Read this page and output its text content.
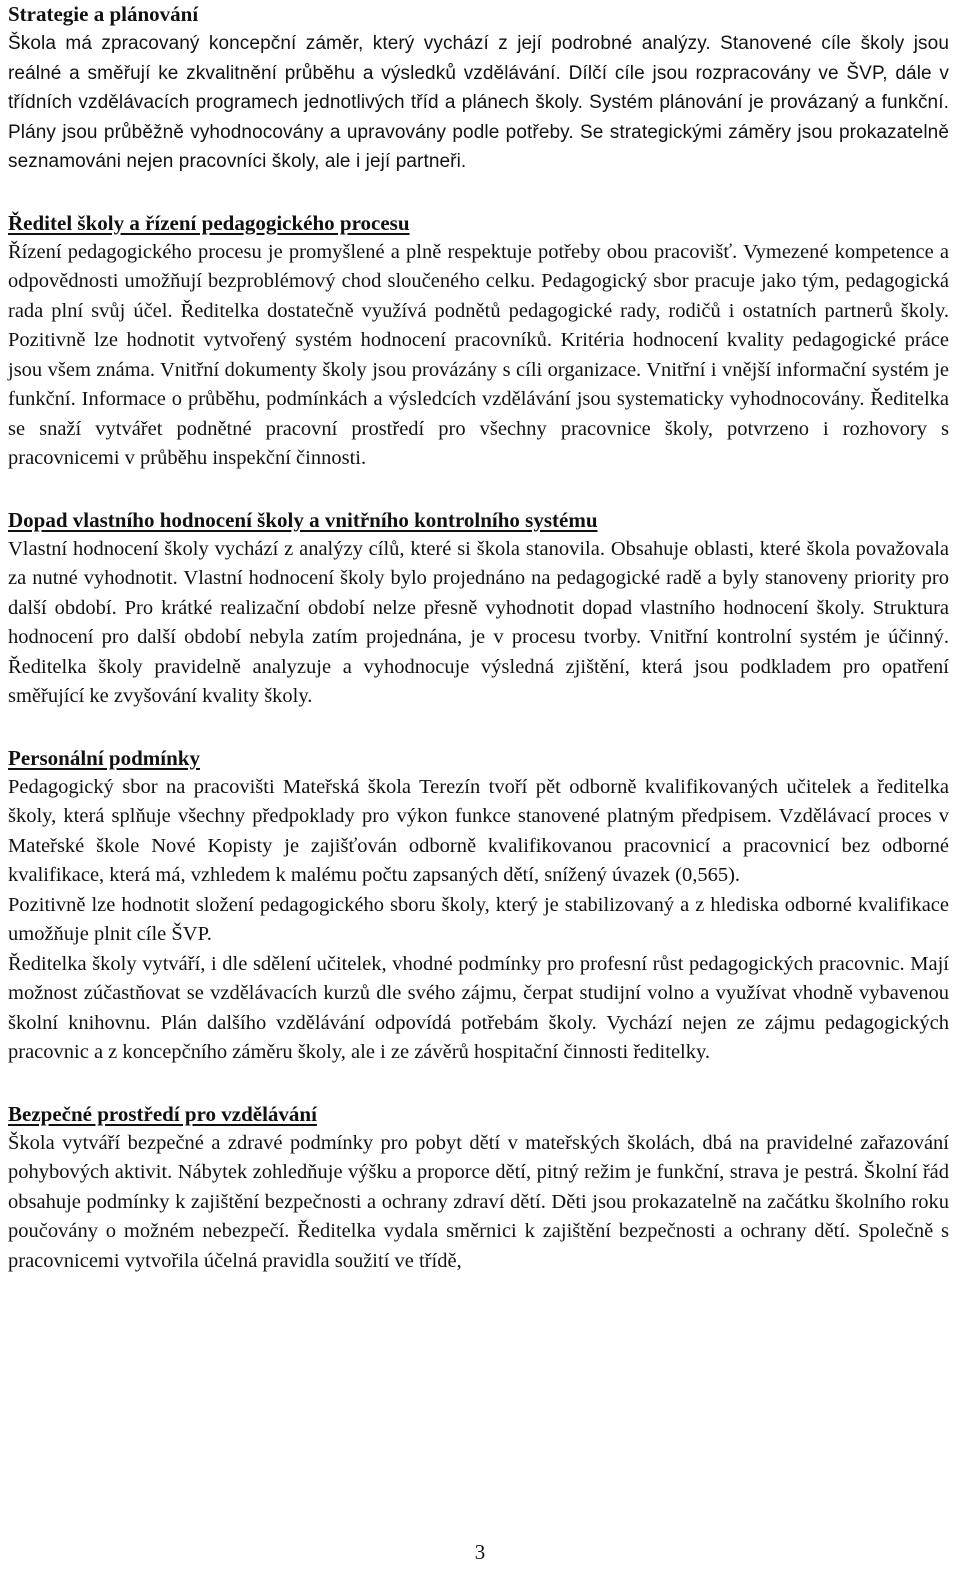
Strategie a plánování

Škola má zpracovaný koncepční záměr, který vychází z její podrobné analýzy. Stanovené cíle školy jsou reálné a směřují ke zkvalitnění průběhu a výsledků vzdělávání. Dílčí cíle jsou rozpracovány ve ŠVP, dále v třídních vzdělávacích programech jednotlivých tříd a plánech školy. Systém plánování je provázaný a funkční. Plány jsou průběžně vyhodnocovány a upravovány podle potřeby. Se strategickými záměry jsou prokazatelně seznamováni nejen pracovníci školy, ale i její partneři.

Ředitel školy a řízení pedagogického procesu

Řízení pedagogického procesu je promyšlené a plně respektuje potřeby obou pracovišť. Vymezené kompetence a odpovědnosti umožňují bezproblémový chod sloučeného celku. Pedagogický sbor pracuje jako tým, pedagogická rada plní svůj účel. Ředitelka dostatečně využívá podnětů pedagogické rady, rodičů i ostatních partnerů školy. Pozitivně lze hodnotit vytvořený systém hodnocení pracovníků. Kritéria hodnocení kvality pedagogické práce jsou všem známa. Vnitřní dokumenty školy jsou provázány s cíli organizace. Vnitřní i vnější informační systém je funkční. Informace o průběhu, podmínkách a výsledcích vzdělávání jsou systematicky vyhodnocovány. Ředitelka se snaží vytvářet podnětné pracovní prostředí pro všechny pracovnice školy, potvrzeno i rozhovory s pracovnicemi v průběhu inspekční činnosti.

Dopad vlastního hodnocení školy a vnitřního kontrolního systému

Vlastní hodnocení školy vychází z analýzy cílů, které si škola stanovila. Obsahuje oblasti, které škola považovala za nutné vyhodnotit. Vlastní hodnocení školy bylo projednáno na pedagogické radě a byly stanoveny priority pro další období. Pro krátké realizační období nelze přesně vyhodnotit dopad vlastního hodnocení školy. Struktura hodnocení pro další období nebyla zatím projednána, je v procesu tvorby. Vnitřní kontrolní systém je účinný. Ředitelka školy pravidelně analyzuje a vyhodnocuje výsledná zjištění, která jsou podkladem pro opatření směřující ke zvyšování kvality školy.

Personální podmínky

Pedagogický sbor na pracovišti Mateřská škola Terezín tvoří pět odborně kvalifikovaných učitelek a ředitelka školy, která splňuje všechny předpoklady pro výkon funkce stanovené platným předpisem. Vzdělávací proces v Mateřské škole Nové Kopisty je zajišťován odborně kvalifikovanou pracovnicí a pracovnicí bez odborné kvalifikace, která má, vzhledem k malému počtu zapsaných dětí, snížený úvazek (0,565).

Pozitivně lze hodnotit složení pedagogického sboru školy, který je stabilizovaný a z hlediska odborné kvalifikace umožňuje plnit cíle ŠVP.

Ředitelka školy vytváří, i dle sdělení učitelek, vhodné podmínky pro profesní růst pedagogických pracovnic. Mají možnost zúčastňovat se vzdělávacích kurzů dle svého zájmu, čerpat studijní volno a využívat vhodně vybavenou školní knihovnu. Plán dalšího vzdělávání odpovídá potřebám školy. Vychází nejen ze zájmu pedagogických pracovnic a z koncepčního záměru školy, ale i ze závěrů hospitační činnosti ředitelky.

Bezpečné prostředí pro vzdělávání

Škola vytváří bezpečné a zdravé podmínky pro pobyt dětí v mateřských školách, dbá na pravidelné zařazování pohybových aktivit. Nábytek zohledňuje výšku a proporce dětí, pitný režim je funkční, strava je pestrá. Školní řád obsahuje podmínky k zajištění bezpečnosti a ochrany zdraví dětí. Děti jsou prokazatelně na začátku školního roku poučovány o možném nebezpečí. Ředitelka vydala směrnici k zajištění bezpečnosti a ochrany dětí. Společně s pracovnicemi vytvořila účelná pravidla soužití ve třídě,

3
